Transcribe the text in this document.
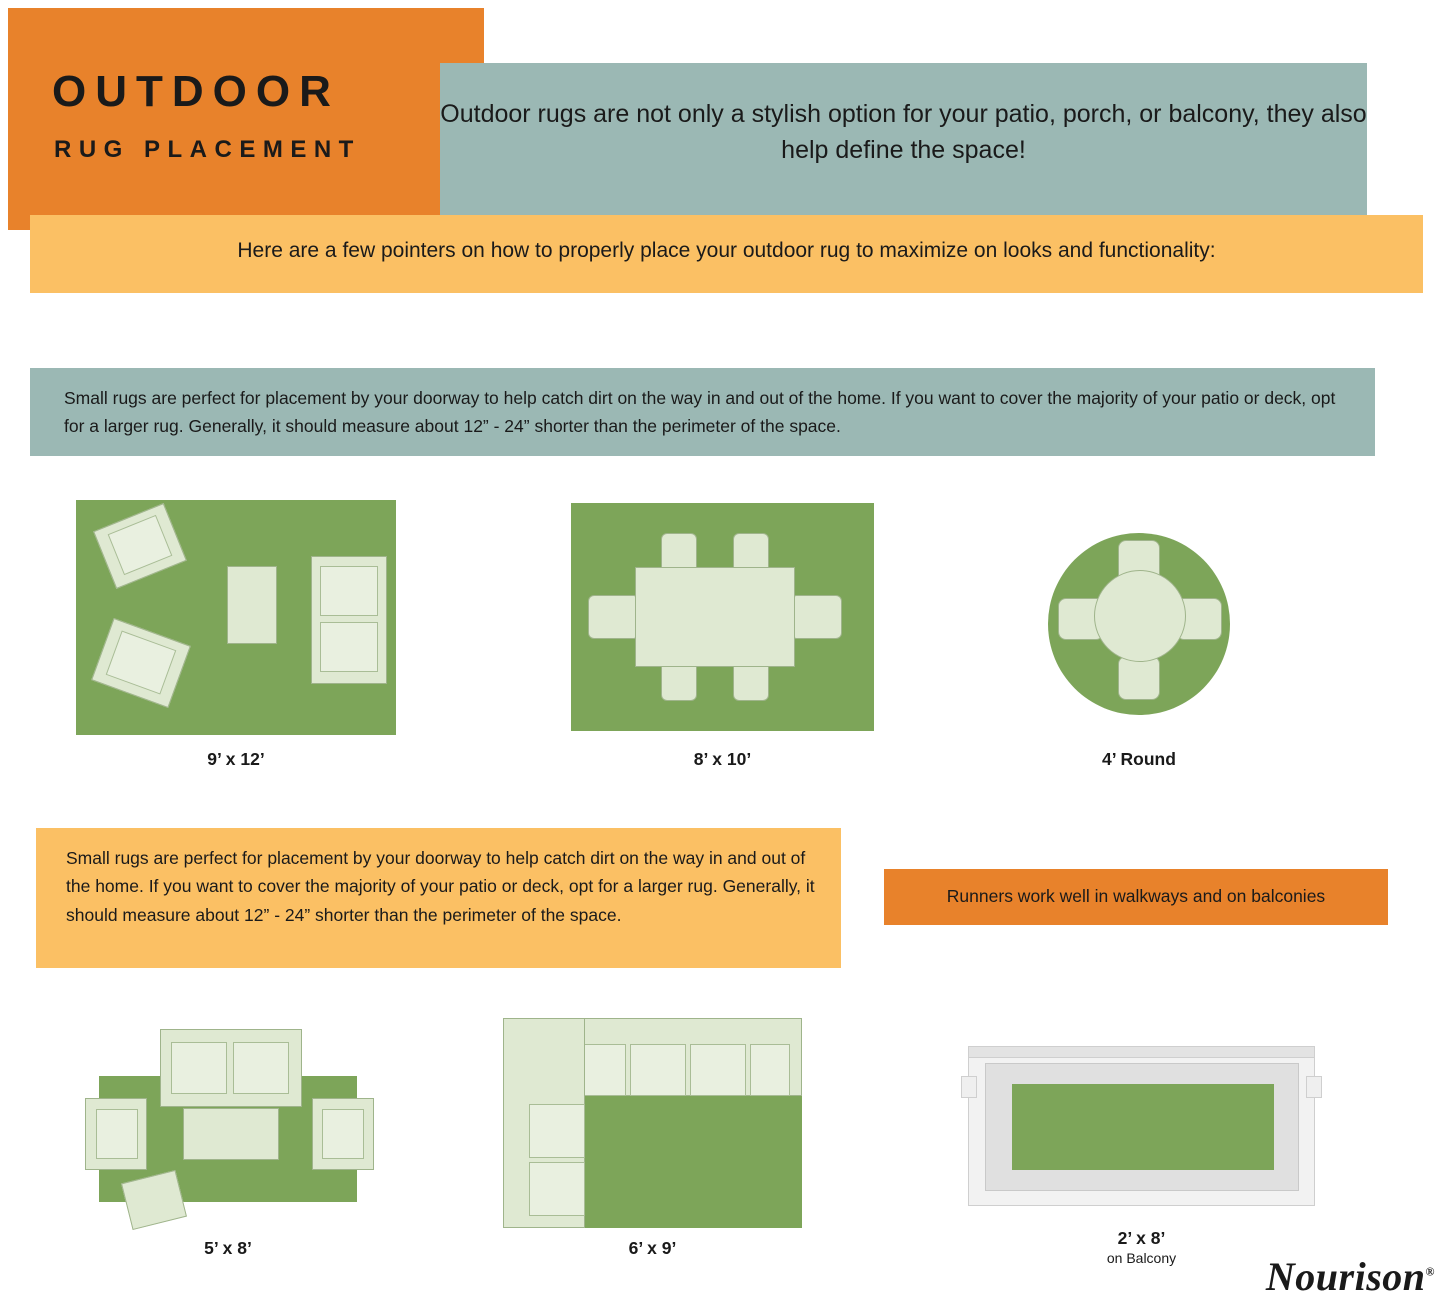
OUTDOOR
RUG PLACEMENT
Outdoor rugs are not only a stylish option for your patio, porch, or balcony, they also help define the space!
Here are a few pointers on how to properly place your outdoor rug to maximize on looks and functionality:
Small rugs are perfect for placement by your doorway to help catch dirt on the way in and out of the home. If you want to cover the majority of your patio or deck, opt for a larger rug. Generally, it should measure about 12” - 24” shorter than the perimeter of the space.
9’ x 12’	8’ x 10’	4’ Round
Small rugs are perfect for placement by your doorway to help catch dirt on the way in and out of the home. If you want to cover the majority of your patio or deck, opt for a larger rug. Generally, it should measure about 12” - 24” shorter than the perimeter of the space.
Runners work well in walkways and on balconies
5’ x 8’	6’ x 9’	2’ x 8’
on Balcony	Nourison®
